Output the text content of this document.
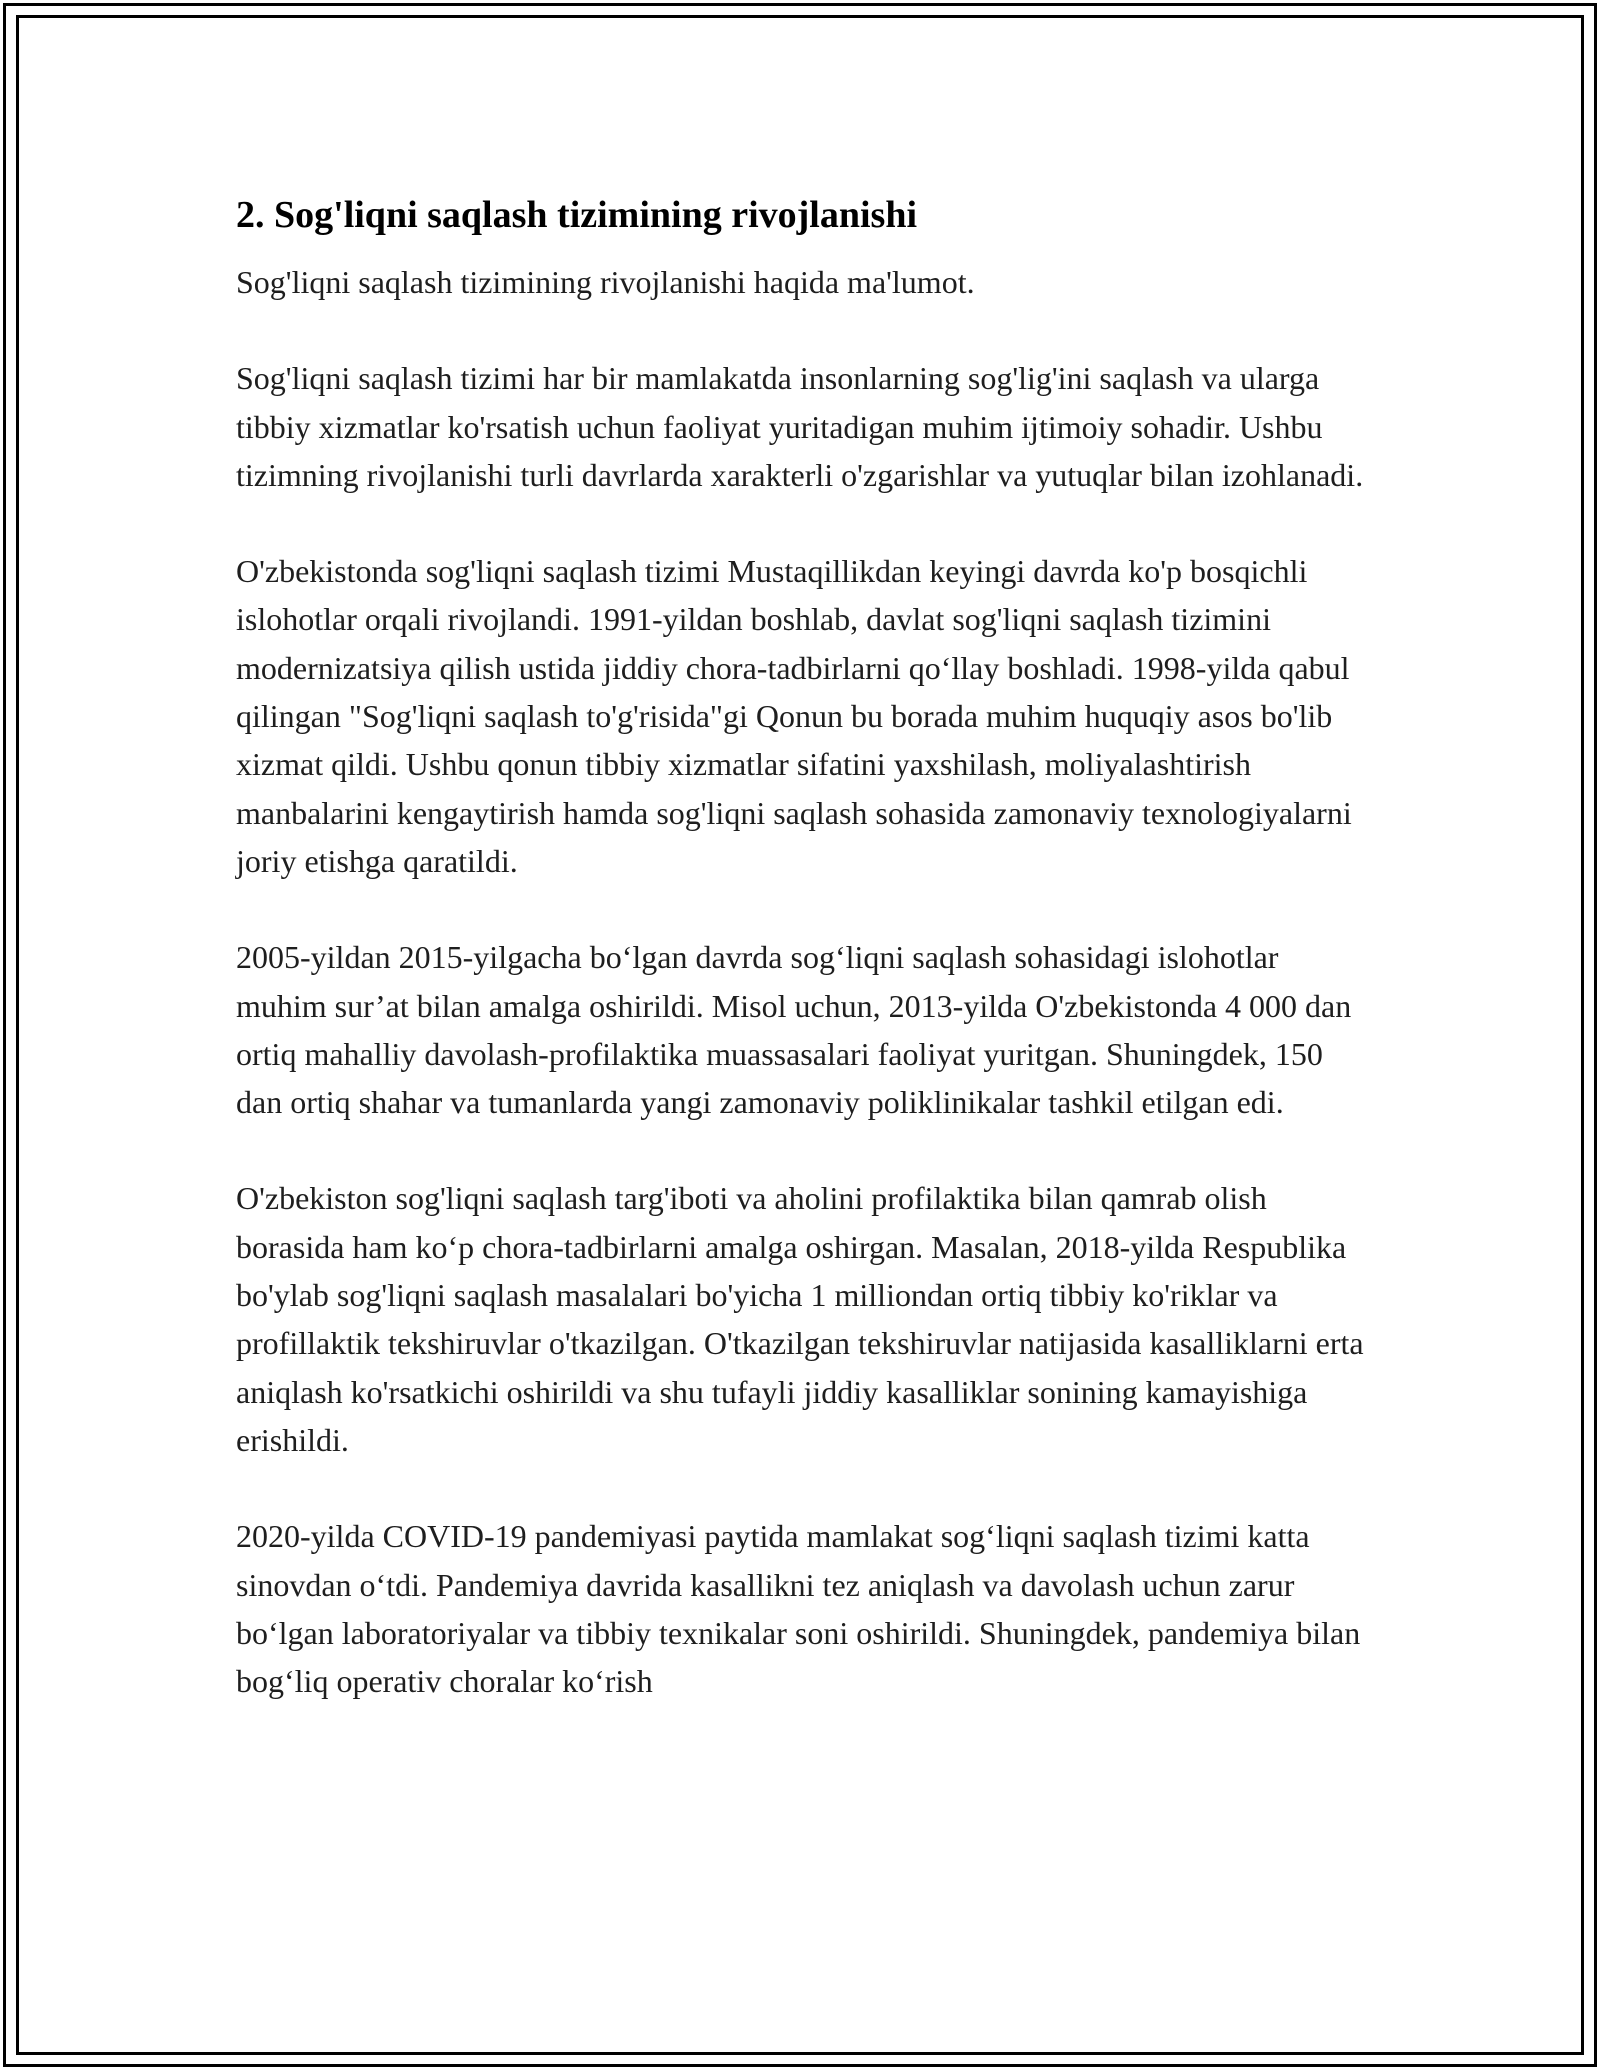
2. Sog'liqni saqlash tizimining rivojlanishi

Sog'liqni saqlash tizimining rivojlanishi haqida ma'lumot.

Sog'liqni saqlash tizimi har bir mamlakatda insonlarning sog'lig'ini saqlash va ularga tibbiy xizmatlar ko'rsatish uchun faoliyat yuritadigan muhim ijtimoiy sohadir. Ushbu tizimning rivojlanishi turli davrlarda xarakterli o'zgarishlar va yutuqlar bilan izohlanadi.

O'zbekistonda sog'liqni saqlash tizimi Mustaqillikdan keyingi davrda ko'p bosqichli islohotlar orqali rivojlandi. 1991-yildan boshlab, davlat sog'liqni saqlash tizimini modernizatsiya qilish ustida jiddiy chora-tadbirlarni qo‘llay boshladi. 1998-yilda qabul qilingan "Sog'liqni saqlash to'g'risida"gi Qonun bu borada muhim huquqiy asos bo'lib xizmat qildi. Ushbu qonun tibbiy xizmatlar sifatini yaxshilash, moliyalashtirish manbalarini kengaytirish hamda sog'liqni saqlash sohasida zamonaviy texnologiyalarni joriy etishga qaratildi.

2005-yildan 2015-yilgacha bo‘lgan davrda sog‘liqni saqlash sohasidagi islohotlar muhim sur’at bilan amalga oshirildi. Misol uchun, 2013-yilda O'zbekistonda 4 000 dan ortiq mahalliy davolash-profilaktika muassasalari faoliyat yuritgan. Shuningdek, 150 dan ortiq shahar va tumanlarda yangi zamonaviy poliklinikalar tashkil etilgan edi.

O'zbekiston sog'liqni saqlash targ'iboti va aholini profilaktika bilan qamrab olish borasida ham ko‘p chora-tadbirlarni amalga oshirgan. Masalan, 2018-yilda Respublika bo'ylab sog'liqni saqlash masalalari bo'yicha 1 milliondan ortiq tibbiy ko'riklar va profillaktik tekshiruvlar o'tkazilgan. O'tkazilgan tekshiruvlar natijasida kasalliklarni erta aniqlash ko'rsatkichi oshirildi va shu tufayli jiddiy kasalliklar sonining kamayishiga erishildi.

2020-yilda COVID-19 pandemiyasi paytida mamlakat sog‘liqni saqlash tizimi katta sinovdan o‘tdi. Pandemiya davrida kasallikni tez aniqlash va davolash uchun zarur bo‘lgan laboratoriyalar va tibbiy texnikalar soni oshirildi. Shuningdek, pandemiya bilan bog‘liq operativ choralar ko‘rish
